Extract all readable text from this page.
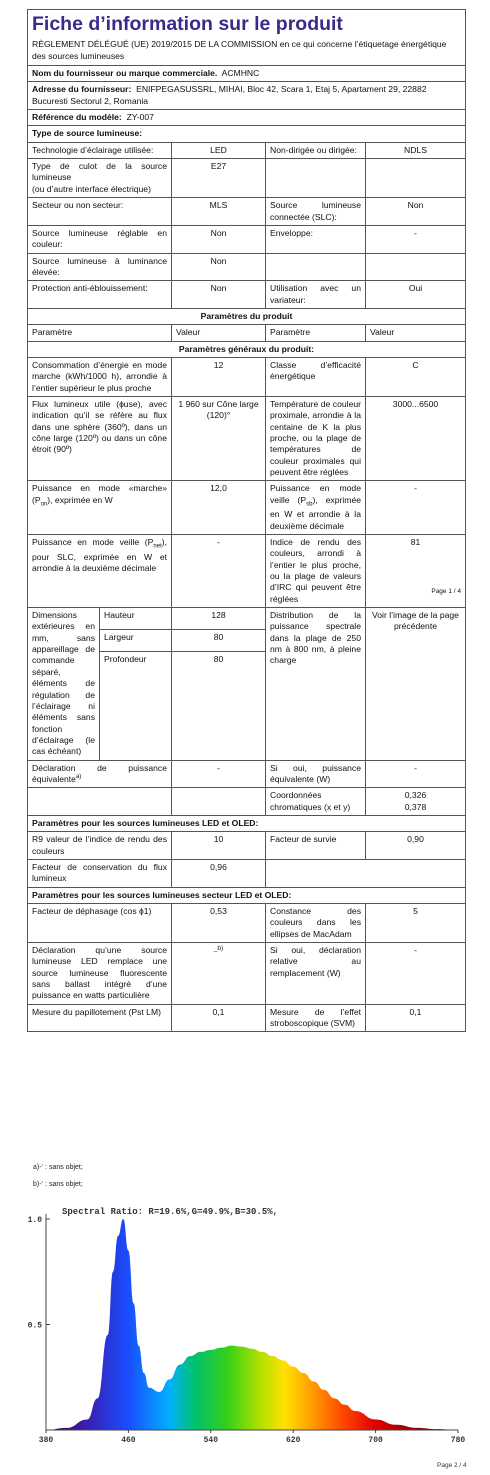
Fiche d’information sur le produit
RÈGLEMENT DÉLÉGUÉ (UE) 2019/2015 DE LA COMMISSION en ce qui concerne l’étiquetage énergétique des sources lumineuses				

Nom du fournisseur ou marque commerciale. ACMHNC				
Adresse du fournisseur: ENIFPEGASUSSRL, MIHAI, Bloc 42, Scara 1, Etaj 5, Apartament 29, 22882 Bucuresti Sectorul 2, Romania				
Référence du modèle: ZY-007				
Type de source lumineuse:				
Technologie d’éclairage utilisée:		LED	Non-dirigée ou dirigée:	NDLS

Type de culot de la source lumineuse
(ou d’autre interface électrique)		E27		
Secteur ou non secteur:		MLS	Source lumineuse connectée (SLC):	Non
Source lumineuse réglable en couleur:		Non	Enveloppe:	-
Source lumineuse à luminance élevée:		Non		
Protection anti-éblouissement:		Non	Utilisation avec un variateur:	Oui
Paramètres du produit				
Paramètre		Valeur	Paramètre	Valeur
Paramètres généraux du produit:				
Consommation d’énergie en mode marche (kWh/1000 h), arrondie à l’entier supérieur le plus proche		12	Classe d’efficacité énergétique	C
Flux lumineux utile (ɸuse), avec indication qu’il se réfère au flux dans une sphère (360º), dans un cône large (120º) ou dans un cône étroit (90º)		1 960 sur Cône large (120)°	Température de couleur proximale, arrondie à la centaine de K la plus proche, ou la plage de températures de couleur proximales qui peuvent être réglées	3000...6500
Puissance en mode «marche» $(P_{on})$, exprimée en W		12,0	Puissance en mode veille $(P_{sb})$, exprimée en W et arrondie à la deuxième décimale	-
Puissance en mode veille $(P_{net})$, pour SLC, exprimée en W et arrondie à la deuxième décimale		-	Indice de rendu des couleurs, arrondi à l’entier le plus proche, ou la plage de valeurs d’IRC qui peuvent être réglées	81
Page 1 / 4

Dimensions extérieures en mm, sans appareillage de commande séparé, éléments de régulation de l’éclairage ni éléments sans fonction d’éclairage (le cas échéant)	Hauteur	128	Distribution de la puissance spectrale dans la plage de 250 nm à 800 nm, à pleine charge	Voir l’image de la page précédente
	Largeur	80		
	Profondeur	80		
Déclaration de puissance équivalente$^{a)}$		-	Si oui, puissance équivalente (W)	-
			Coordonnées chromatiques (x et y)	0,326
0,378

Paramètres pour les sources lumineuses LED et OLED:				
R9 valeur de l’indice de rendu des couleurs		10	Facteur de survie	0,90
Facteur de conservation du flux lumineux		0,96		
Paramètres pour les sources lumineuses secteur LED et OLED:				
Facteur de déphasage (cos ɸ1)		0,53	Constance des couleurs dans les ellipses de MacAdam	5
Déclaration qu’une source lumineuse LED remplace une source lumineuse fluorescente sans ballast intégré d’une puissance en watts particulière		_b)	Si oui, déclaration relative au remplacement (W)	-
Mesure du papillotement (Pst LM)		0,1	Mesure de l’effet stroboscopique (SVM)	0,1
a)-‘ : sans objet;
b)-‘ : sans objet;
Spectral Ratio: R=19.6%,G=49.9%,B=30.5%,
380	460	540	620	700	780
1.0
0.5
Page 2 / 4
